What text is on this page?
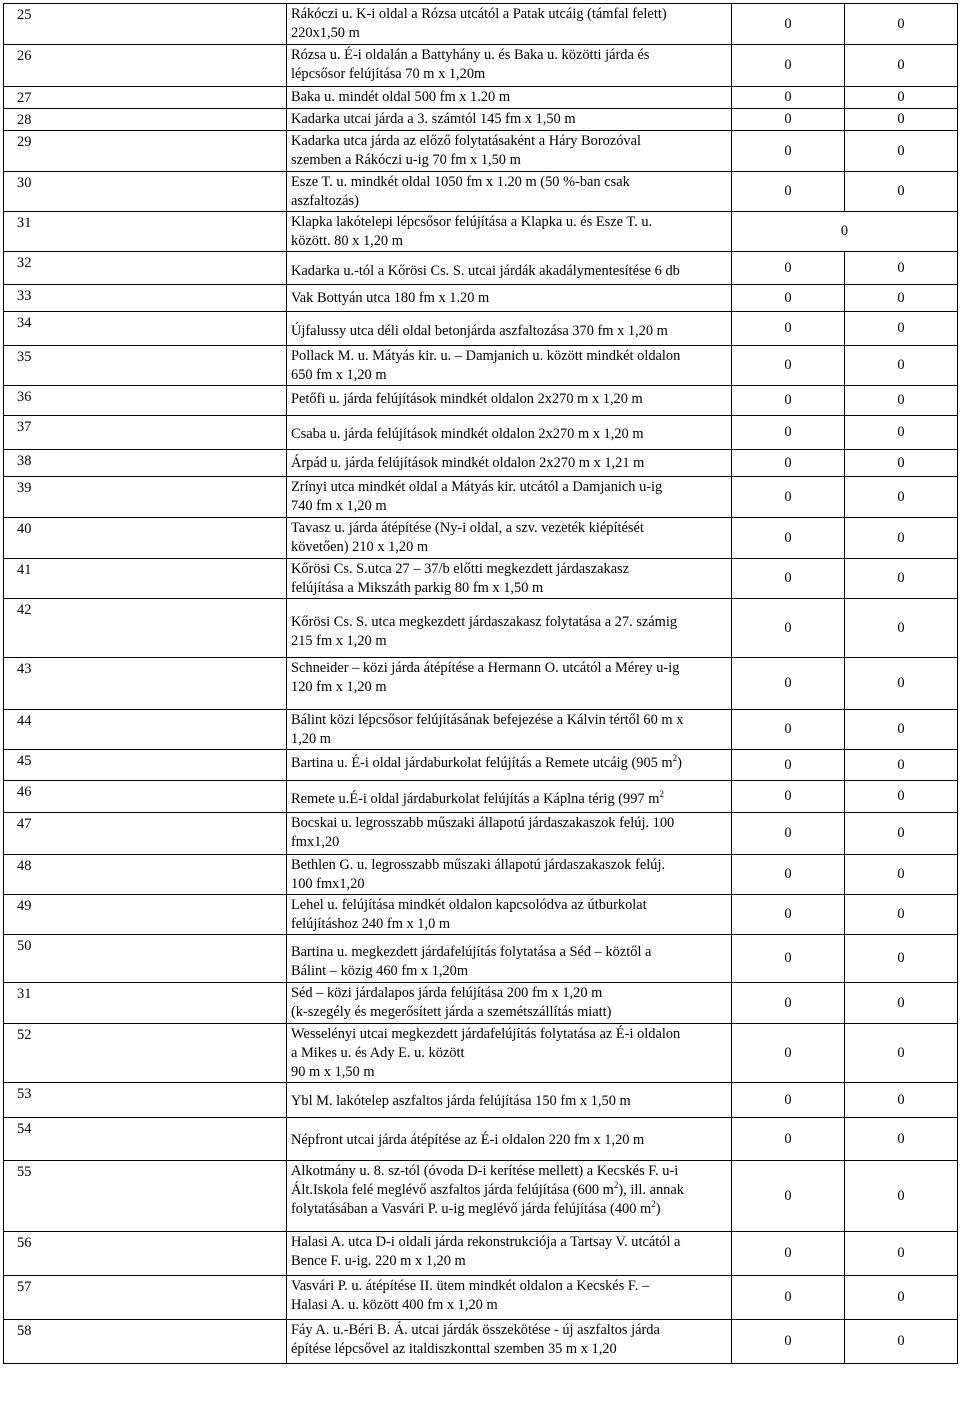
25	Rákóczi u. K-i oldal a Rózsa utcától a Patak utcáig (támfal felett)
220x1,50 m	0	0
26	Rózsa u. É-i oldalán a Battyhány u. és Baka u. közötti járda és
lépcsősor felújítása 70 m x 1,20m	0	0
27	Baka u. mindét oldal 500 fm x 1.20 m	0	0
28	Kadarka utcai járda a 3. számtól 145 fm x 1,50 m	0	0
29	Kadarka utca járda az előző folytatásaként a Háry Borozóval
szemben a Rákóczi u-ig 70 fm x 1,50 m	0	0
30	Esze T. u. mindkét oldal 1050 fm x 1.20 m (50 %-ban csak
aszfaltozás)	0	0
31	Klapka lakótelepi lépcsősor felújítása a Klapka u. és Esze T. u.
között. 80 x 1,20 m	0	
32	Kadarka u.-tól a Kőrösi Cs. S. utcai járdák akadálymentesítése 6 db	0	0
33	Vak Bottyán utca 180 fm x 1.20 m	0	0
34	Újfalussy utca déli oldal betonjárda aszfaltozása 370 fm x 1,20 m	0	0
35	Pollack M. u. Mátyás kir. u. – Damjanich u. között mindkét oldalon
650 fm x 1,20 m	0	0
36	Petőfi u. járda felújítások mindkét oldalon 2x270 m x 1,20 m	0	0
37	Csaba u. járda felújítások mindkét oldalon 2x270 m x 1,20 m	0	0
38	Árpád u. járda felújítások mindkét oldalon 2x270 m x 1,21 m	0	0
39	Zrínyi utca mindkét oldal a Mátyás kir. utcától a Damjanich u-ig
740 fm x 1,20 m	0	0
40	Tavasz u. járda átépítése (Ny-i oldal, a szv. vezeték kiépítését
követően) 210 x 1,20 m	0	0
41	Kőrösi Cs. S.utca 27 – 37/b előtti megkezdett járdaszakasz
felújítása a Mikszáth parkig 80 fm x 1,50 m	0	0
42	Kőrösi Cs. S. utca megkezdett járdaszakasz folytatása a 27. számig
215 fm x 1,20 m	0	0
43	Schneider – közi járda átépítése a Hermann O. utcától a Mérey u-ig
120 fm x 1,20 m	0	0
44	Bálint közi lépcsősor felújításának befejezése a Kálvin tértől 60 m x
1,20 m	0	0
45	Bartina u. É-i oldal járdaburkolat felújítás a Remete utcáig (905 $m^2$)	0	0
46	Remete u.É-i oldal járdaburkolat felújítás a Káplna térig (997 $m^2$	0	0
47	Bocskai u. legrosszabb műszaki állapotú járdaszakaszok felúj. 100
fmx1,20	0	0
48	Bethlen G. u. legrosszabb műszaki állapotú járdaszakaszok felúj.
100 fmx1,20	0	0
49	Lehel u. felújítása mindkét oldalon kapcsolódva az útburkolat
felújításhoz 240 fm x 1,0 m	0	0
50	Bartina u. megkezdett járdafelújítás folytatása a Séd – köztől a
Bálint – közig 460 fm x 1,20m	0	0
31	Séd – közi járdalapos járda felújítása 200 fm x 1,20 m
(k-szegély és megerősített járda a szemétszállítás miatt)	0	0
52	Wesselényi utcai megkezdett járdafelújítás folytatása az É-i oldalon
a Mikes u. és Ady E. u. között
90 m x 1,50 m	0	0
53	Ybl M. lakótelep aszfaltos járda felújítása 150 fm x 1,50 m	0	0
54	Népfront utcai járda átépítése az É-i oldalon 220 fm x 1,20 m	0	0
55	Alkotmány u. 8. sz-tól (óvoda D-i kerítése mellett) a Kecskés F. u-i
Ált.Iskola felé meglévő aszfaltos járda felújítása (600 $m^2$), ill. annak
folytatásában a Vasvári P. u-ig meglévő járda felújítása (400 $m^2$)	0	0
56	Halasi A. utca D-i oldali járda rekonstrukciója a Tartsay V. utcától a
Bence F. u-ig. 220 m x 1,20 m	0	0
57	Vasvári P. u. átépítése II. ütem mindkét oldalon a Kecskés F. –
Halasi A. u. között 400 fm x 1,20 m	0	0
58	Fáy A. u.-Béri B. Á. utcai járdák összekötése - új aszfaltos járda
építése lépcsővel az italdiszkonttal szemben 35 m x 1,20	0	0
